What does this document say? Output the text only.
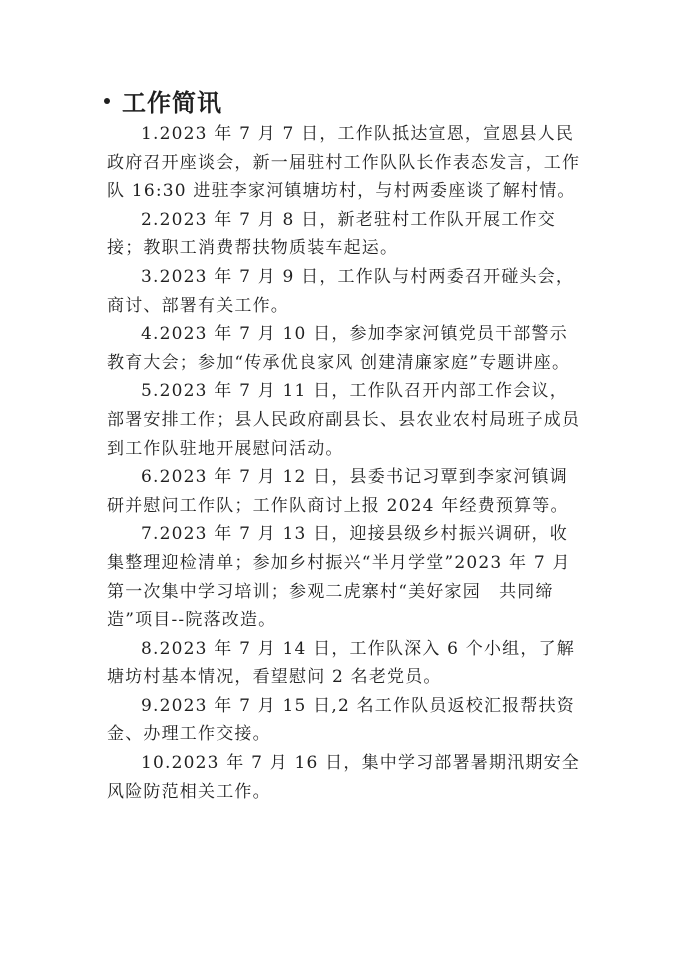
工作简讯

1.2023 年 7 月 7 日，工作队抵达宣恩，宣恩县人民政府召开座谈会，新一届驻村工作队队长作表态发言，工作队 16:30 进驻李家河镇塘坊村，与村两委座谈了解村情。

2.2023 年 7 月 8 日，新老驻村工作队开展工作交接；教职工消费帮扶物质装车起运。

3.2023 年 7 月 9 日，工作队与村两委召开碰头会，商讨、部署有关工作。

4.2023 年 7 月 10 日，参加李家河镇党员干部警示教育大会；参加“传承优良家风 创建清廉家庭”专题讲座。

5.2023 年 7 月 11 日，工作队召开内部工作会议，部署安排工作；县人民政府副县长、县农业农村局班子成员到工作队驻地开展慰问活动。

6.2023 年 7 月 12 日，县委书记习覃到李家河镇调研并慰问工作队；工作队商讨上报 2024 年经费预算等。

7.2023 年 7 月 13 日，迎接县级乡村振兴调研，收集整理迎检清单；参加乡村振兴“半月学堂”2023 年 7 月第一次集中学习培训；参观二虎寨村“美好家园　共同缔造”项目--院落改造。

8.2023 年 7 月 14 日，工作队深入 6 个小组，了解塘坊村基本情况，看望慰问 2 名老党员。

9.2023 年 7 月 15 日,2 名工作队员返校汇报帮扶资金、办理工作交接。

10.2023 年 7 月 16 日，集中学习部署暑期汛期安全风险防范相关工作。
